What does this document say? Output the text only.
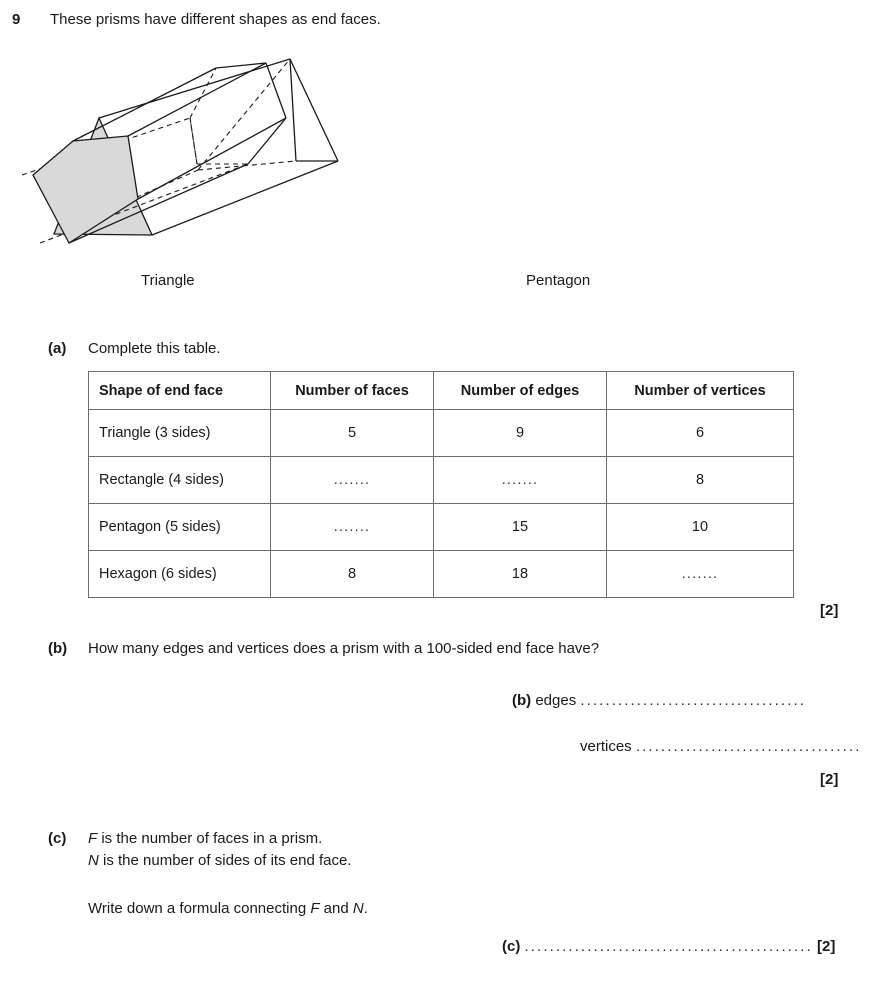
9 These prisms have different shapes as end faces.
Triangle	Pentagon
(a) Complete this table.
Shape of end face	Number of faces	Number of edges	Number of vertices
Triangle (3 sides)	5	9	6
Rectangle (4 sides)	.......	.......	8
Pentagon (5 sides)	.......	15	10
Hexagon (6 sides)	8	18	.......
[2]
(b) How many edges and vertices does a prism with a 100-sided end face have?
(b) edges ....................................
vertices ....................................
[2]
(c) F is the number of faces in a prism.
N is the number of sides of its end face.
Write down a formula connecting F and N.
(c) .............................................. [2]
